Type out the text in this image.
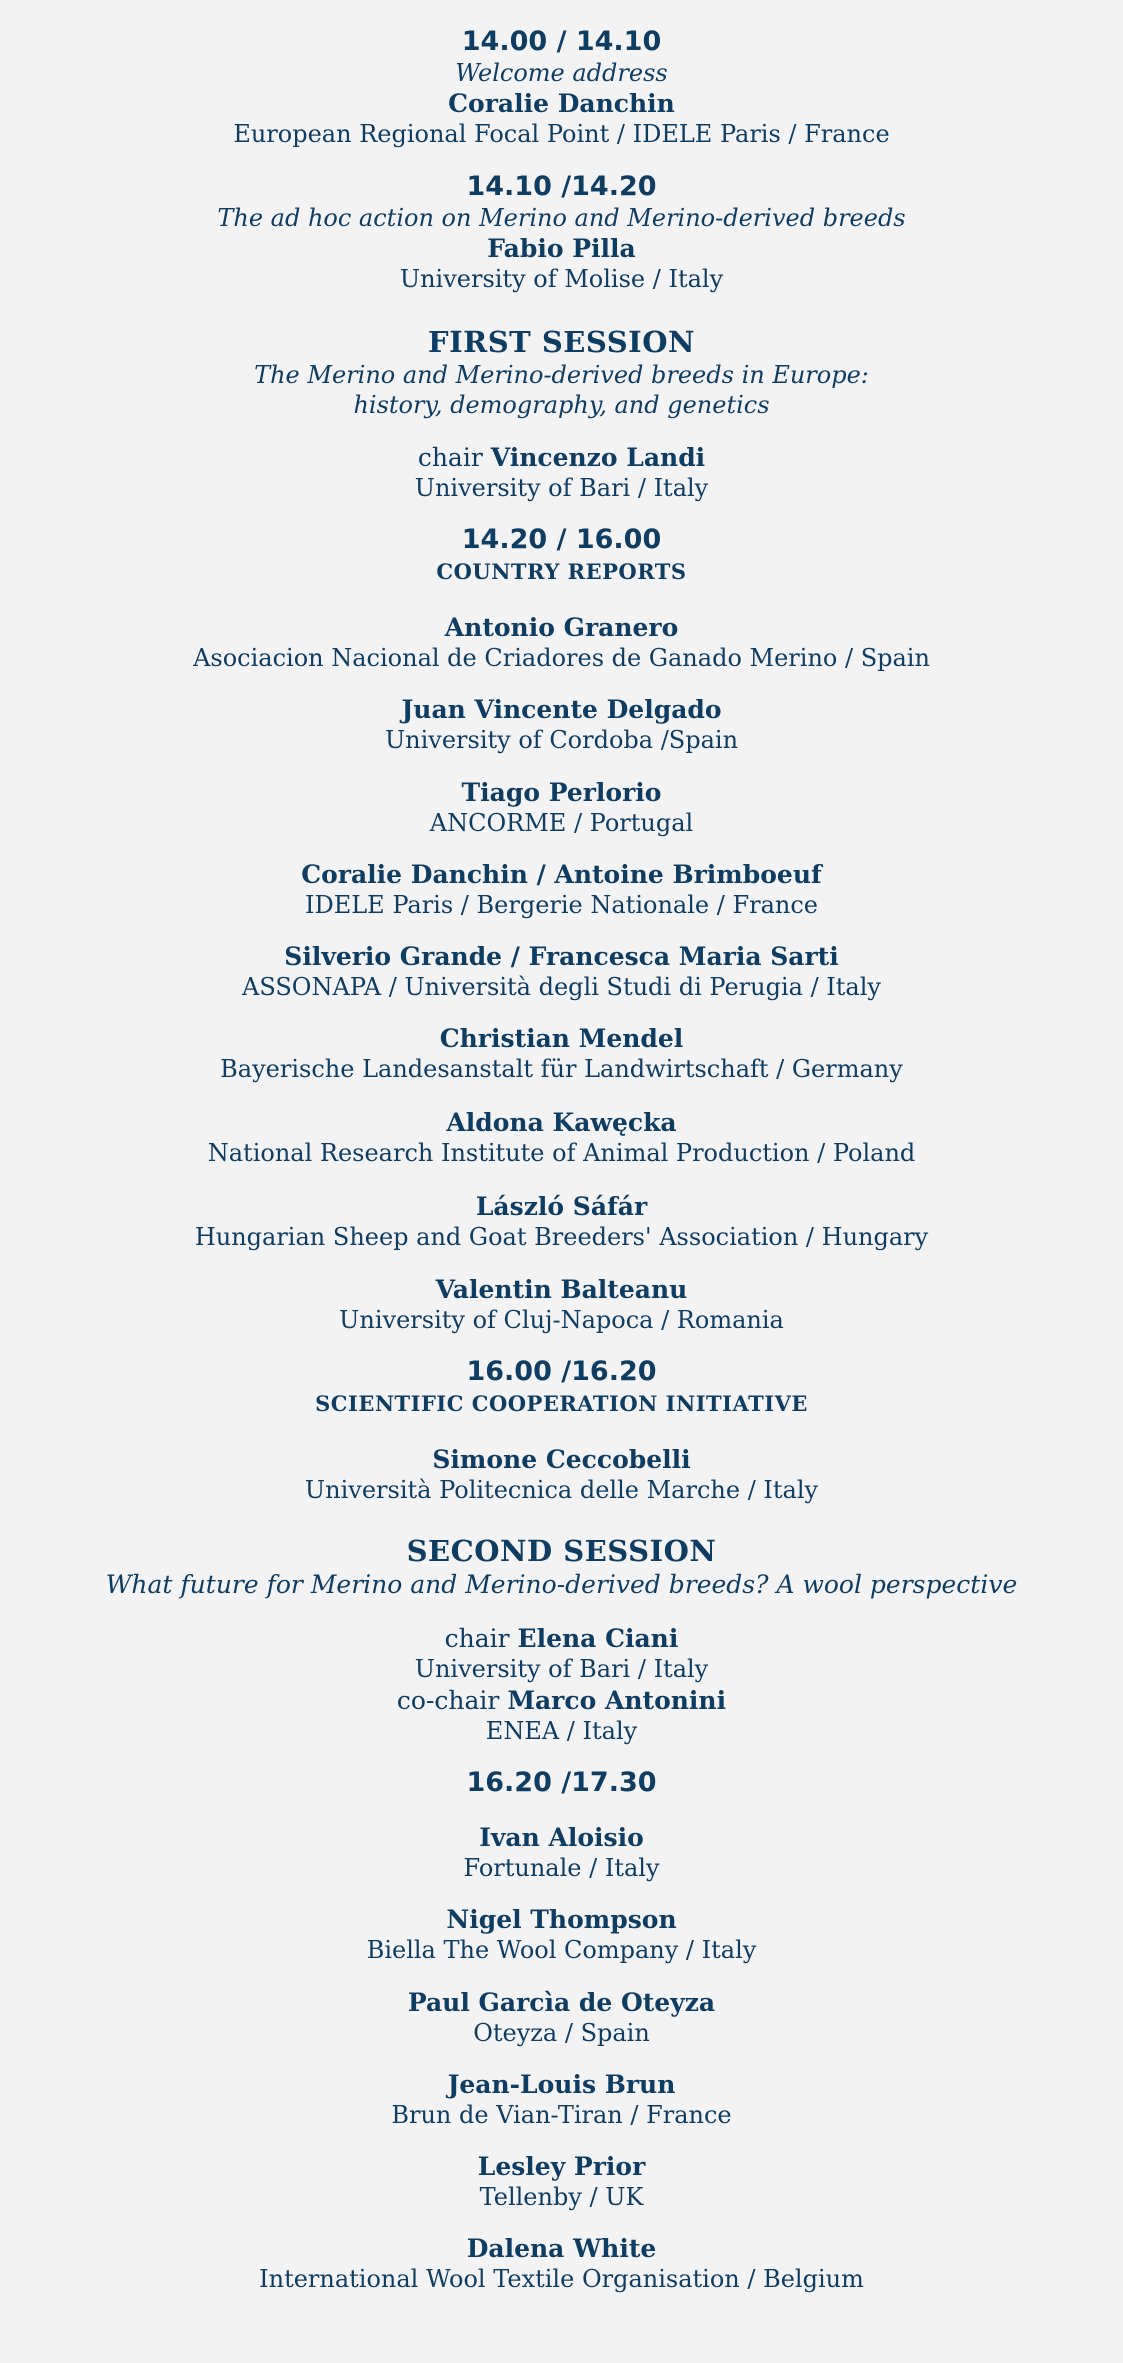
14.00 / 14.10
Welcome address
Coralie Danchin
European Regional Focal Point / IDELE Paris / France
14.10 /14.20
The ad hoc action on Merino and Merino-derived breeds
Fabio Pilla
University of Molise / Italy
FIRST SESSION
The Merino and Merino-derived breeds in Europe:
history, demography, and genetics
chair Vincenzo Landi
University of Bari / Italy
14.20 / 16.00
COUNTRY REPORTS
Antonio Granero
Asociacion Nacional de Criadores de Ganado Merino / Spain
Juan Vincente Delgado
University of Cordoba /Spain
Tiago Perlorio
ANCORME / Portugal
Coralie Danchin / Antoine Brimboeuf
IDELE Paris / Bergerie Nationale / France
Silverio Grande / Francesca Maria Sarti
ASSONAPA / Università degli Studi di Perugia / Italy
Christian Mendel
Bayerische Landesanstalt für Landwirtschaft / Germany
Aldona Kawęcka
National Research Institute of Animal Production / Poland
László Sáfár
Hungarian Sheep and Goat Breeders' Association / Hungary
Valentin Balteanu
University of Cluj-Napoca / Romania
16.00 /16.20
SCIENTIFIC COOPERATION INITIATIVE
Simone Ceccobelli
Università Politecnica delle Marche / Italy
SECOND SESSION
What future for Merino and Merino-derived breeds? A wool perspective
chair Elena Ciani
University of Bari / Italy
co-chair Marco Antonini
ENEA / Italy
16.20 /17.30
Ivan Aloisio
Fortunale / Italy
Nigel Thompson
Biella The Wool Company / Italy
Paul Garcìa de Oteyza
Oteyza / Spain
Jean-Louis Brun
Brun de Vian-Tiran / France
Lesley Prior
Tellenby / UK
Dalena White
International Wool Textile Organisation / Belgium
